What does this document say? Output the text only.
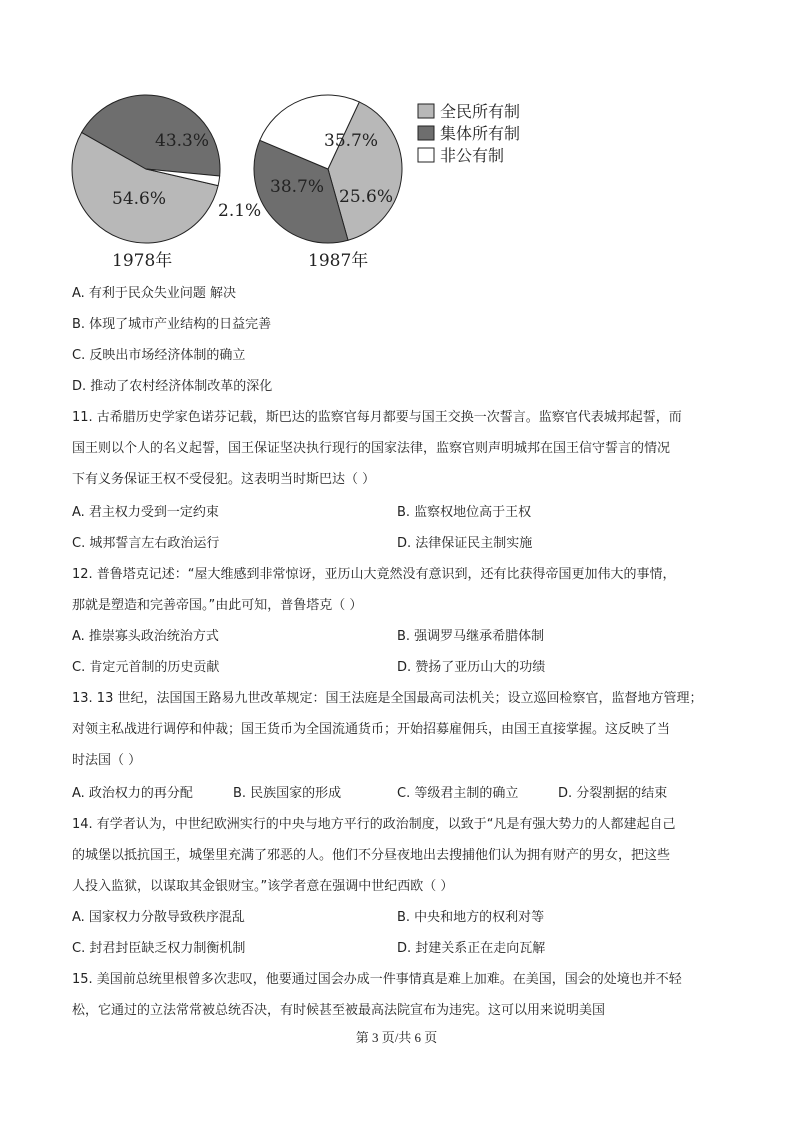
54.6%
43.3%
2.1%
38.7%
35.7%
25.6%
1978年	1987年
全民所有制
集体所有制
非公有制
A. 有利于民众失业问题 解决
B. 体现了城市产业结构的日益完善
C. 反映出市场经济体制的确立
D. 推动了农村经济体制改革的深化
11. 古希腊历史学家色诺芬记载，斯巴达的监察官每月都要与国王交换一次誓言。监察官代表城邦起誓，而
国王则以个人的名义起誓，国王保证坚决执行现行的国家法律，监察官则声明城邦在国王信守誓言的情况
下有义务保证王权不受侵犯。这表明当时斯巴达（ ）
A. 君主权力受到一定约束	B. 监察权地位高于王权
C. 城邦誓言左右政治运行	D. 法律保证民主制实施
12. 普鲁塔克记述：“屋大维感到非常惊讶，亚历山大竟然没有意识到，还有比获得帝国更加伟大的事情，
那就是塑造和完善帝国。”由此可知，普鲁塔克（ ）
A. 推崇寡头政治统治方式	B. 强调罗马继承希腊体制
C. 肯定元首制的历史贡献	D. 赞扬了亚历山大的功绩
13. 13 世纪，法国国王路易九世改革规定：国王法庭是全国最高司法机关；设立巡回检察官，监督地方管理；
对领主私战进行调停和仲裁；国王货币为全国流通货币；开始招募雇佣兵，由国王直接掌握。这反映了当
时法国（ ）
A. 政治权力的再分配	B. 民族国家的形成	C. 等级君主制的确立	D. 分裂割据的结束
14. 有学者认为，中世纪欧洲实行的中央与地方平行的政治制度，以致于“凡是有强大势力的人都建起自己
的城堡以抵抗国王，城堡里充满了邪恶的人。他们不分昼夜地出去搜捕他们认为拥有财产的男女，把这些
人投入监狱，以谋取其金银财宝。”该学者意在强调中世纪西欧（ ）
A. 国家权力分散导致秩序混乱	B. 中央和地方的权利对等
C. 封君封臣缺乏权力制衡机制	D. 封建关系正在走向瓦解
15. 美国前总统里根曾多次悲叹，他要通过国会办成一件事情真是难上加难。在美国，国会的处境也并不轻
松，它通过的立法常常被总统否决，有时候甚至被最高法院宣布为违宪。这可以用来说明美国
第 3 页/共 6 页
